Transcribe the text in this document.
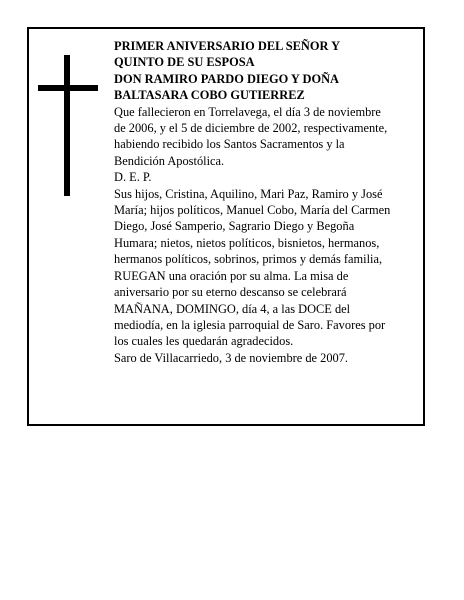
PRIMER ANIVERSARIO DEL SEÑOR Y
QUINTO DE SU ESPOSA
DON RAMIRO PARDO DIEGO Y DOÑA
BALTASARA COBO GUTIERREZ
Que fallecieron en Torrelavega, el día 3 de noviembre
de 2006, y el 5 de diciembre de 2002, respectivamente,
habiendo recibido los Santos Sacramentos y la
Bendición Apostólica.
D. E. P.
Sus hijos, Cristina, Aquilino, Mari Paz, Ramiro y José
María; hijos políticos, Manuel Cobo, María del Carmen
Diego, José Samperio, Sagrario Diego y Begoña
Humara; nietos, nietos políticos, bisnietos, hermanos,
hermanos políticos, sobrinos, primos y demás familia,
RUEGAN una oración por su alma. La misa de
aniversario por su eterno descanso se celebrará
MAÑANA, DOMINGO, día 4, a las DOCE del
mediodía, en la iglesia parroquial de Saro. Favores por
los cuales les quedarán agradecidos.
Saro de Villacarriedo, 3 de noviembre de 2007.
